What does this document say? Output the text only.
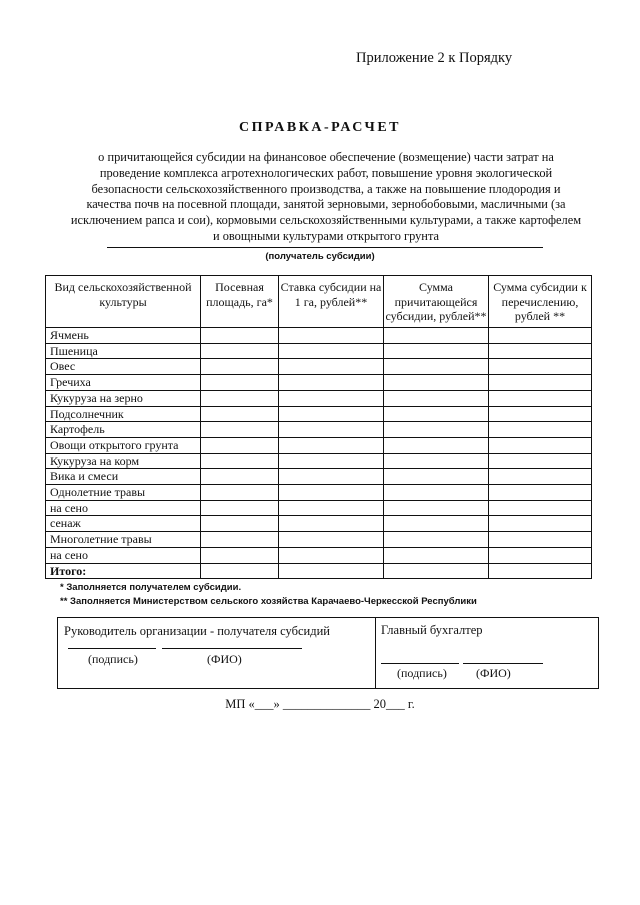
Приложение 2 к Порядку
СПРАВКА-РАСЧЕТ
о причитающейся субсидии на финансовое обеспечение (возмещение) части затрат на проведение комплекса агротехнологических работ, повышение уровня экологической безопасности сельскохозяйственного производства, а также на повышение плодородия и качества почв на посевной площади, занятой зерновыми, зернобобовыми, масличными (за исключением рапса и сои), кормовыми сельскохозяйственными культурами, а также картофелем и овощными культурами открытого грунта
(получатель субсидии)
Вид сельскохозяйственной культуры	Посевная площадь, га*	Ставка субсидии на 1 га, рублей**	Сумма причитающейся субсидии, рублей**	Сумма субсидии к перечислению, рублей **
Ячмень				
Пшеница				
Овес				
Гречиха				
Кукуруза на зерно				
Подсолнечник				
Картофель				
Овощи открытого грунта				
Кукуруза на корм				
Вика и смеси				
Однолетние травы				
на сено				
сенаж				
Многолетние травы				
на сено				
Итого:				
* Заполняется получателем субсидии.
** Заполняется Министерством сельского хозяйства Карачаево-Черкесской Республики
Руководитель организации - получателя субсидий
(подпись)	(ФИО)
Главный бухгалтер
(подпись) (ФИО)
МП «___» ______________ 20___ г.
